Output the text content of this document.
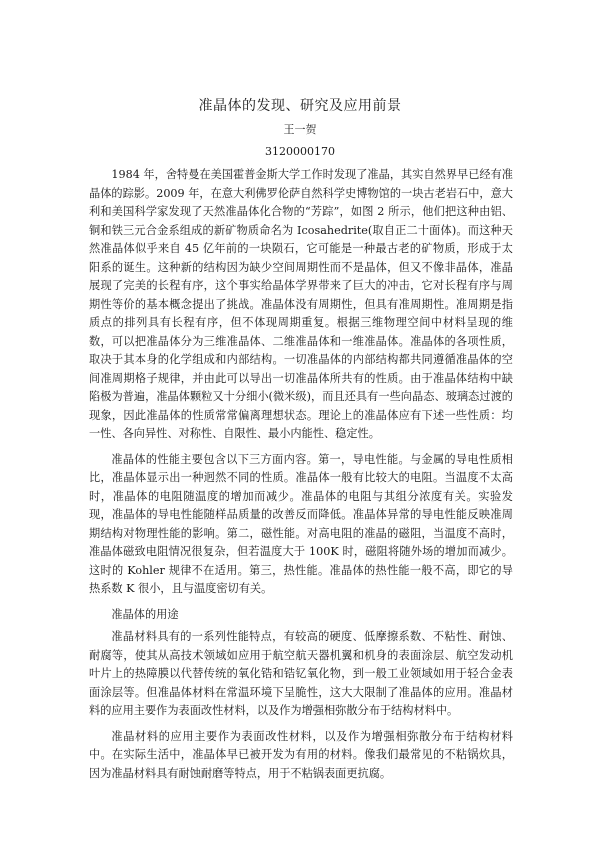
准晶体的发现、研究及应用前景
王一贺
3120000170

1984 年，舍特曼在美国霍普金斯大学工作时发现了准晶，其实自然界早已经有准晶体的踪影。2009 年，在意大利佛罗伦萨自然科学史博物馆的一块古老岩石中，意大利和美国科学家发现了天然准晶体化合物的“芳踪”，如图 2 所示，他们把这种由铝、铜和铁三元合金系组成的新矿物质命名为 Icosahedrite(取自正二十面体)。而这种天然准晶体似乎来自 45 亿年前的一块陨石，它可能是一种最古老的矿物质，形成于太阳系的诞生。这种新的结构因为缺少空间周期性而不是晶体，但又不像非晶体，准晶展现了完美的长程有序，这个事实给晶体学界带来了巨大的冲击，它对长程有序与周期性等价的基本概念提出了挑战。准晶体没有周期性，但具有准周期性。准周期是指质点的排列具有长程有序，但不体现周期重复。根据三维物理空间中材料呈现的维数，可以把准晶体分为三维准晶体、二维准晶体和一维准晶体。准晶体的各项性质，取决于其本身的化学组成和内部结构。一切准晶体的内部结构都共同遵循准晶体的空间准周期格子规律，并由此可以导出一切准晶体所共有的性质。由于准晶体结构中缺陷极为普遍，准晶体颗粒又十分细小(微米级)，而且还具有一些向晶态、玻璃态过渡的现象，因此准晶体的性质常常偏离理想状态。理论上的准晶体应有下述一些性质：均一性、各向异性、对称性、自限性、最小内能性、稳定性。

准晶体的性能主要包含以下三方面内容。第一，导电性能。与金属的导电性质相比，准晶体显示出一种迥然不同的性质。准晶体一般有比较大的电阻。当温度不太高时，准晶体的电阻随温度的增加而减少。准晶体的电阻与其组分浓度有关。实验发现，准晶体的导电性能随样品质量的改善反而降低。准晶体异常的导电性能反映准周期结构对物理性能的影响。第二，磁性能。对高电阻的准晶的磁阻，当温度不高时，准晶体磁致电阻情况很复杂，但若温度大于 100K 时，磁阻将随外场的增加而减少。这时的 Kohler 规律不在适用。第三，热性能。准晶体的热性能一般不高，即它的导热系数 K 很小，且与温度密切有关。

准晶体的用途

准晶材料具有的一系列性能特点，有较高的硬度、低摩擦系数、不粘性、耐蚀、耐腐等，使其从高技术领域如应用于航空航天器机翼和机身的表面涂层、航空发动机叶片上的热障膜以代替传统的氧化锆和锆钇氧化物，到一般工业领域如用于轻合金表面涂层等。但准晶体材料在常温环境下呈脆性，这大大限制了准晶体的应用。准晶材料的应用主要作为表面改性材料，以及作为增强相弥散分布于结构材料中。

准晶材料的应用主要作为表面改性材料，以及作为增强相弥散分布于结构材料中。在实际生活中，准晶体早已被开发为有用的材料。像我们最常见的不粘锅炊具，因为准晶材料具有耐蚀耐磨等特点，用于不粘锅表面更抗腐。
